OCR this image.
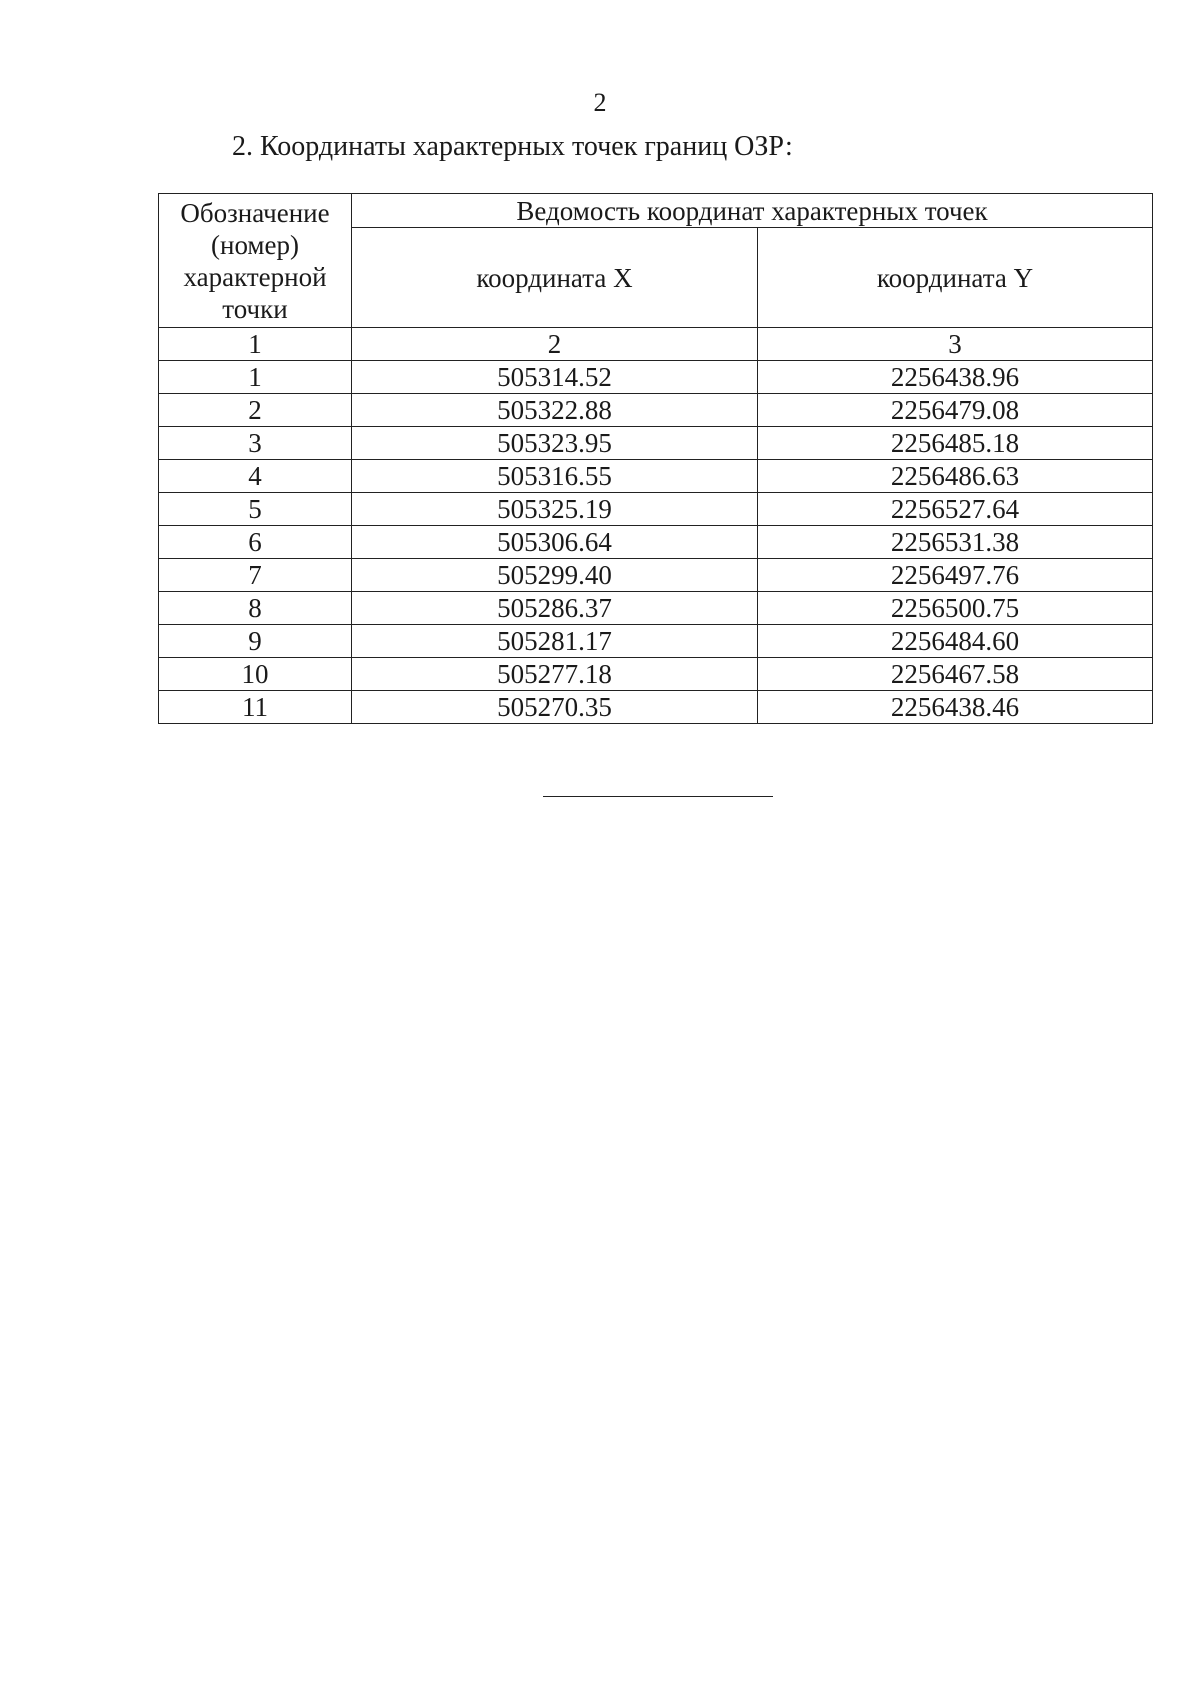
2
2. Координаты характерных точек границ ОЗР:
Обозначение (номер) характерной точки	Ведомость координат характерных точек	
	координата X	координата Y
1	2	3
1	505314.52	2256438.96
2	505322.88	2256479.08
3	505323.95	2256485.18
4	505316.55	2256486.63
5	505325.19	2256527.64
6	505306.64	2256531.38
7	505299.40	2256497.76
8	505286.37	2256500.75
9	505281.17	2256484.60
10	505277.18	2256467.58
11	505270.35	2256438.46
